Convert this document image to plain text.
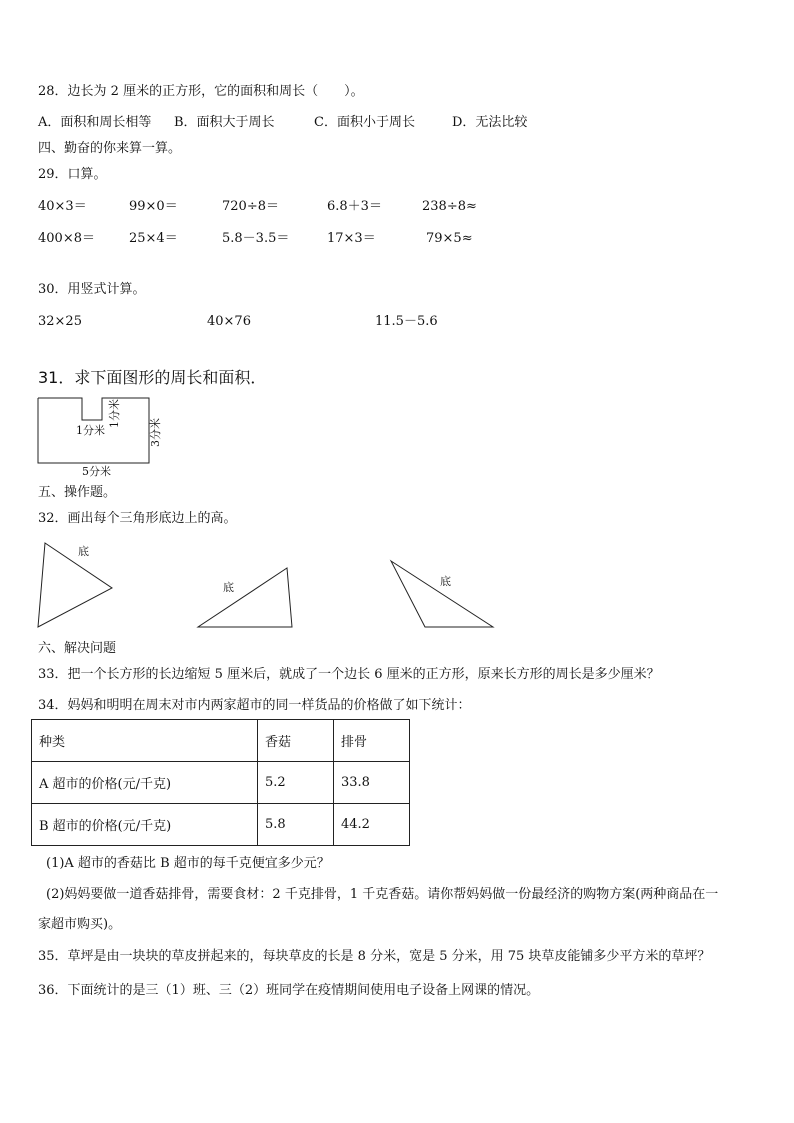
28．边长为 2 厘米的正方形，它的面积和周长（　　）。
A．面积和周长相等 B．面积大于周长	C．面积小于周长	D．无法比较
四、勤奋的你来算一算。
29．口算。
40×3＝	99×0＝	720÷8＝	6.8＋3＝	238÷8≈
400×8＝	25×4＝	5.8－3.5＝	17×3＝	79×5≈
30．用竖式计算。
32×25	40×76	11.5－5.6
31．求下面图形的周长和面积．
1分米
1分米
3分米
5分米
底
底	底
五、操作题。
32．画出每个三角形底边上的高。
六、解决问题
33．把一个长方形的长边缩短 5 厘米后，就成了一个边长 6 厘米的正方形，原来长方形的周长是多少厘米？
34．妈妈和明明在周末对市内两家超市的同一样货品的价格做了如下统计：
种类	香菇	排骨
A 超市的价格(元/千克)	5.2	33.8
B 超市的价格(元/千克)	5.8	44.2
(1)A 超市的香菇比 B 超市的每千克便宜多少元？
(2)妈妈要做一道香菇排骨，需要食材：2 千克排骨，1 千克香菇。请你帮妈妈做一份最经济的购物方案(两种商品在一
家超市购买)。
35．草坪是由一块块的草皮拼起来的，每块草皮的长是 8 分米，宽是 5 分米，用 75 块草皮能铺多少平方米的草坪？
36．下面统计的是三（1）班、三（2）班同学在疫情期间使用电子设备上网课的情况。
